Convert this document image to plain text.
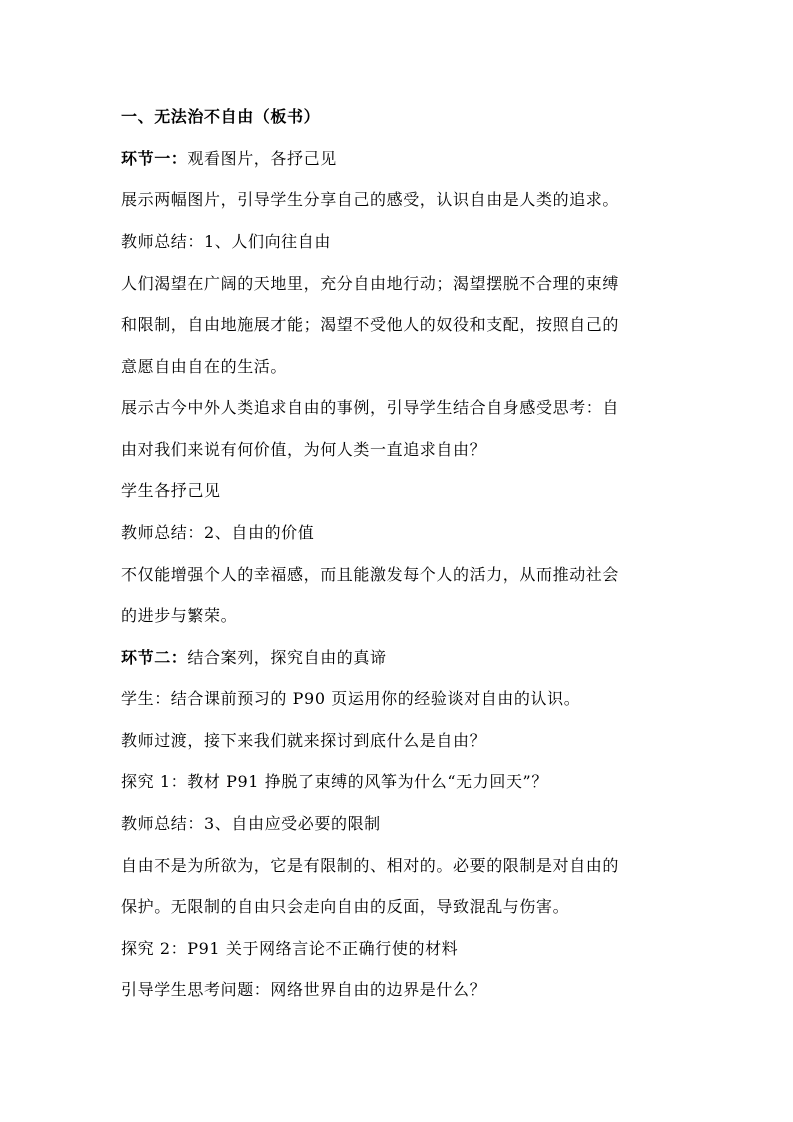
一、无法治不自由（板书）
环节一：观看图片，各抒己见
展示两幅图片，引导学生分享自己的感受，认识自由是人类的追求。
教师总结：1、人们向往自由
人们渴望在广阔的天地里，充分自由地行动；渴望摆脱不合理的束缚
和限制，自由地施展才能；渴望不受他人的奴役和支配，按照自己的
意愿自由自在的生活。
展示古今中外人类追求自由的事例，引导学生结合自身感受思考：自
由对我们来说有何价值，为何人类一直追求自由？
学生各抒己见
教师总结：2、自由的价值
不仅能增强个人的幸福感，而且能激发每个人的活力，从而推动社会
的进步与繁荣。
环节二：结合案列，探究自由的真谛
学生：结合课前预习的 P90 页运用你的经验谈对自由的认识。
教师过渡，接下来我们就来探讨到底什么是自由？
探究 1：教材 P91 挣脱了束缚的风筝为什么“无力回天”？
教师总结：3、自由应受必要的限制
自由不是为所欲为，它是有限制的、相对的。必要的限制是对自由的
保护。无限制的自由只会走向自由的反面，导致混乱与伤害。
探究 2：P91 关于网络言论不正确行使的材料
引导学生思考问题：网络世界自由的边界是什么？
